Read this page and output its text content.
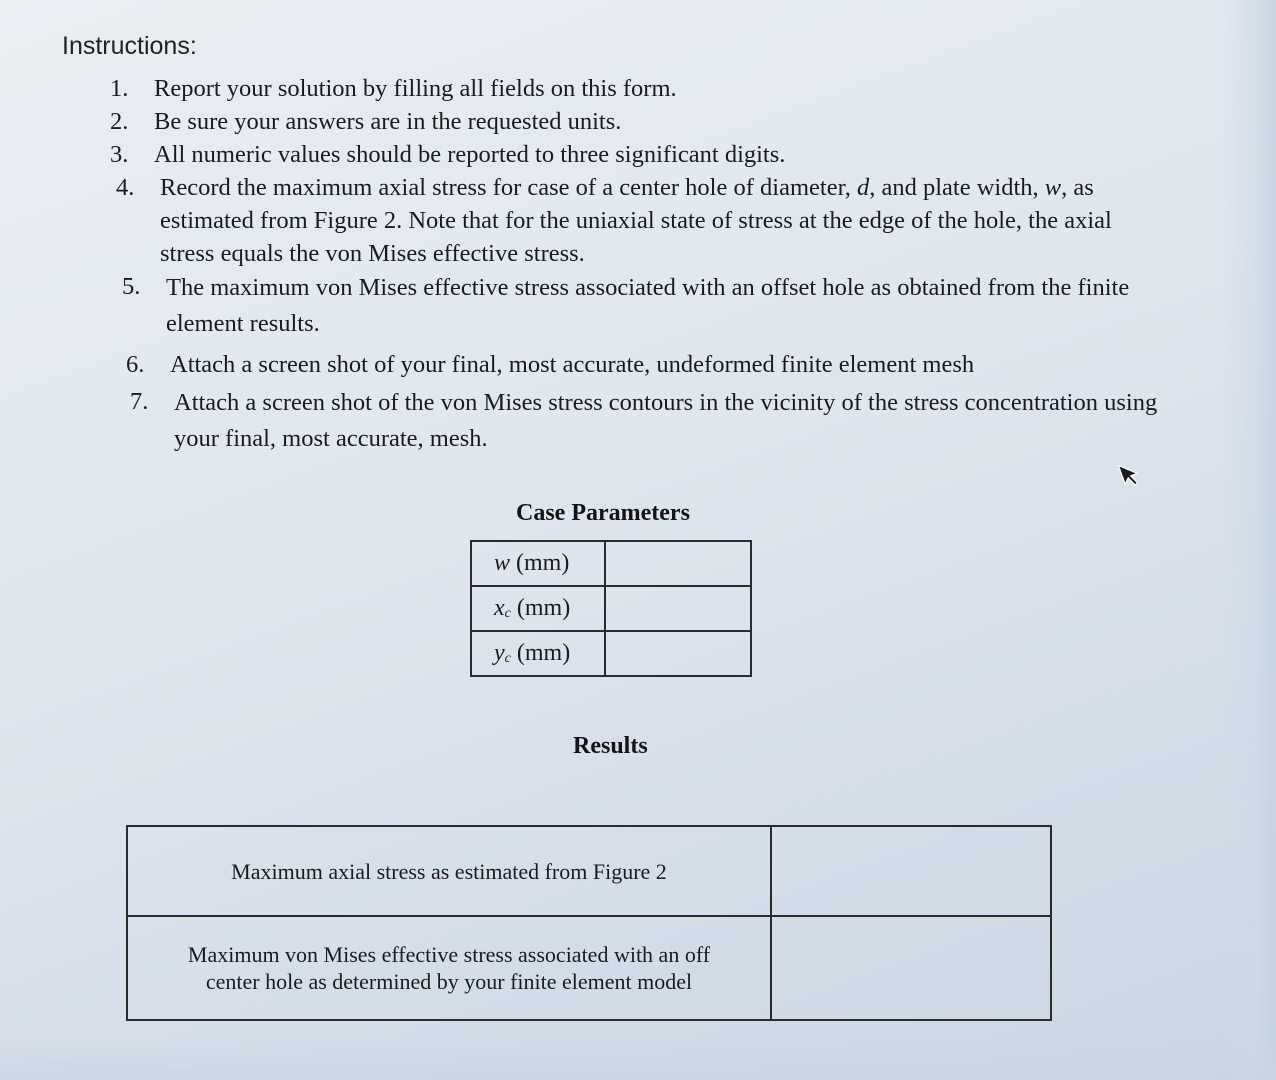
Instructions:
1. Report your solution by filling all fields on this form.
2. Be sure your answers are in the requested units.
3. All numeric values should be reported to three significant digits.
4. Record the maximum axial stress for case of a center hole of diameter, d, and plate width, w, as estimated from Figure 2. Note that for the uniaxial state of stress at the edge of the hole, the axial stress equals the von Mises effective stress.
5. The maximum von Mises effective stress associated with an offset hole as obtained from the finite element results.
6. Attach a screen shot of your final, most accurate, undeformed finite element mesh
7. Attach a screen shot of the von Mises stress contours in the vicinity of the stress concentration using your final, most accurate, mesh.
Case Parameters
w (mm)	
$x_c$ (mm)	
$y_c$ (mm)	
Results
Maximum axial stress as estimated from Figure 2	
Maximum von Mises effective stress associated with an off
center hole as determined by your finite element model	
